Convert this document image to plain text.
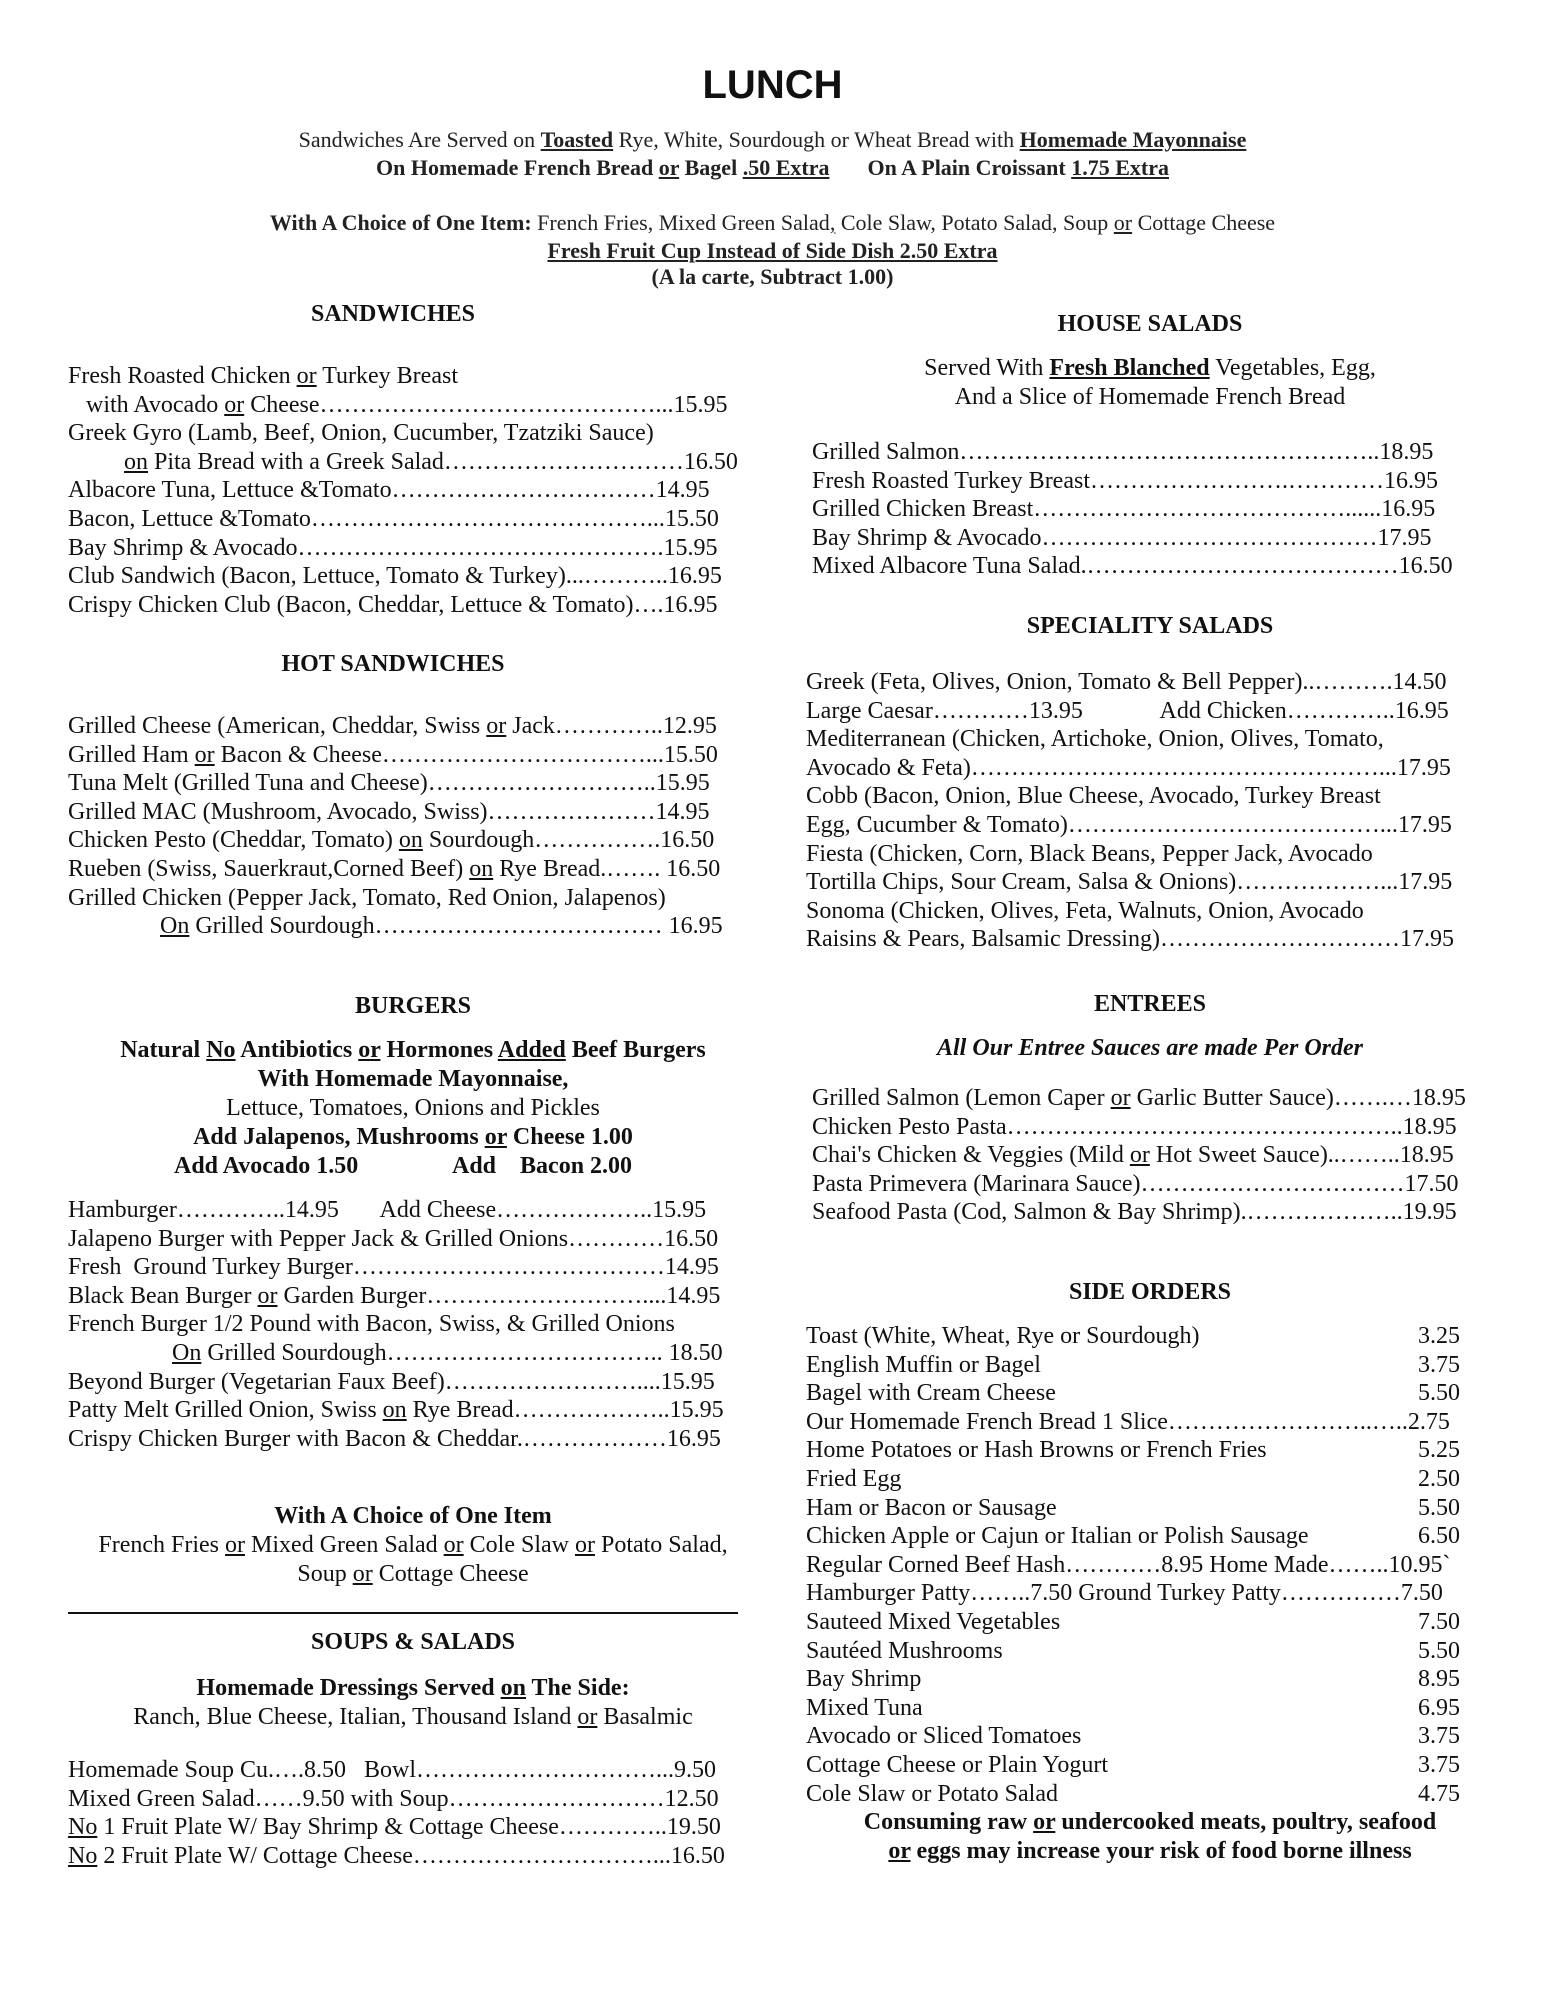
LUNCH
Sandwiches Are Served on Toasted Rye, White, Sourdough or Wheat Bread with Homemade Mayonnaise
On Homemade French Bread or Bagel .50 Extra On A Plain Croissant 1.75 Extra
With A Choice of One Item: French Fries, Mixed Green Salad, Cole Slaw, Potato Salad, Soup or Cottage Cheese
Fresh Fruit Cup Instead of Side Dish 2.50 Extra
(A la carte, Subtract 1.00)
SANDWICHES
Fresh Roasted Chicken or Turkey Breast
with Avocado or Cheese……………………………………...15.95
Greek Gyro (Lamb, Beef, Onion, Cucumber, Tzatziki Sauce)
on Pita Bread with a Greek Salad…………………………16.50
Albacore Tuna, Lettuce &Tomato……………………………14.95
Bacon, Lettuce &Tomato……………………………………...15.50
Bay Shrimp & Avocado……………………………………….15.95
Club Sandwich (Bacon, Lettuce, Tomato & Turkey)...………..16.95
Crispy Chicken Club (Bacon, Cheddar, Lettuce & Tomato)….16.95
HOT SANDWICHES
Grilled Cheese (American, Cheddar, Swiss or Jack…………..12.95
Grilled Ham or Bacon & Cheese……………………………...15.50
Tuna Melt (Grilled Tuna and Cheese)………………………..15.95
Grilled MAC (Mushroom, Avocado, Swiss)…………………14.95
Chicken Pesto (Cheddar, Tomato) on Sourdough…………….16.50
Rueben (Swiss, Sauerkraut,Corned Beef) on Rye Bread.……. 16.50
Grilled Chicken (Pepper Jack, Tomato, Red Onion, Jalapenos)
On Grilled Sourdough……………………………… 16.95
BURGERS
Natural No Antibiotics or Hormones Added Beef Burgers
With Homemade Mayonnaise,
Lettuce, Tomatoes, Onions and Pickles
Add Jalapenos, Mushrooms or Cheese 1.00
Add Avocado 1.50	Add    Bacon 2.00
Hamburger…………..14.95       Add Cheese………………..15.95
Jalapeno Burger with Pepper Jack & Grilled Onions…………16.50
Fresh  Ground Turkey Burger…………………………………14.95
Black Bean Burger or Garden Burger………………………....14.95
French Burger 1/2 Pound with Bacon, Swiss, & Grilled Onions
On Grilled Sourdough…………………………….. 18.50
Beyond Burger (Vegetarian Faux Beef)……………………....15.95
Patty Melt Grilled Onion, Swiss on Rye Bread………………..15.95
Crispy Chicken Burger with Bacon & Cheddar.………………16.95
With A Choice of One Item
French Fries or Mixed Green Salad or Cole Slaw or Potato Salad,
Soup or Cottage Cheese
SOUPS & SALADS
Homemade Dressings Served on The Side:
Ranch, Blue Cheese, Italian, Thousand Island or Basalmic
Homemade Soup Cu.….8.50   Bowl…………………………...9.50
Mixed Green Salad……9.50 with Soup………………………12.50
No 1 Fruit Plate W/ Bay Shrimp & Cottage Cheese…………..19.50
No 2 Fruit Plate W/ Cottage Cheese…………………………...16.50
HOUSE SALADS
Served With Fresh Blanched Vegetables, Egg,
And a Slice of Homemade French Bread
Grilled Salmon……………………………………………..18.95
Fresh Roasted Turkey Breast…………………….…………16.95
Grilled Chicken Breast…………………………………......16.95
Bay Shrimp & Avocado……………………………………17.95
Mixed Albacore Tuna Salad.…………………………………16.50
SPECIALITY SALADS
Greek (Feta, Olives, Onion, Tomato & Bell Pepper)..……….14.50
Large Caesar…………13.95             Add Chicken…………..16.95
Mediterranean (Chicken, Artichoke, Onion, Olives, Tomato,
Avocado & Feta)……………………………………………...17.95
Cobb (Bacon, Onion, Blue Cheese, Avocado, Turkey Breast
Egg, Cucumber & Tomato)…………………………………...17.95
Fiesta (Chicken, Corn, Black Beans, Pepper Jack, Avocado
Tortilla Chips, Sour Cream, Salsa & Onions)………………...17.95
Sonoma (Chicken, Olives, Feta, Walnuts, Onion, Avocado
Raisins & Pears, Balsamic Dressing)…………………………17.95
ENTREES
All Our Entree Sauces are made Per Order
Grilled Salmon (Lemon Caper or Garlic Butter Sauce)…….…18.95
Chicken Pesto Pasta…………………………………………..18.95
Chai's Chicken & Veggies (Mild or Hot Sweet Sauce)..……..18.95
Pasta Primevera (Marinara Sauce)……………………………17.50
Seafood Pasta (Cod, Salmon & Bay Shrimp).………………..19.95
SIDE ORDERS
Toast (White, Wheat, Rye or Sourdough)	3.25
English Muffin or Bagel	3.75
Bagel with Cream Cheese	5.50
Our Homemade French Bread 1 Slice……………………..…..2.75
Home Potatoes or Hash Browns or French Fries	5.25
Fried Egg	2.50
Ham or Bacon or Sausage	5.50
Chicken Apple or Cajun or Italian or Polish Sausage	6.50
Regular Corned Beef Hash…………8.95 Home Made……..10.95`
Hamburger Patty……..7.50 Ground Turkey Patty……………7.50
Sauteed Mixed Vegetables	7.50
Sautéed Mushrooms	5.50
Bay Shrimp	8.95
Mixed Tuna	6.95
Avocado or Sliced Tomatoes	3.75
Cottage Cheese or Plain Yogurt	3.75
Cole Slaw or Potato Salad	4.75
Consuming raw or undercooked meats, poultry, seafood
or eggs may increase your risk of food borne illness
